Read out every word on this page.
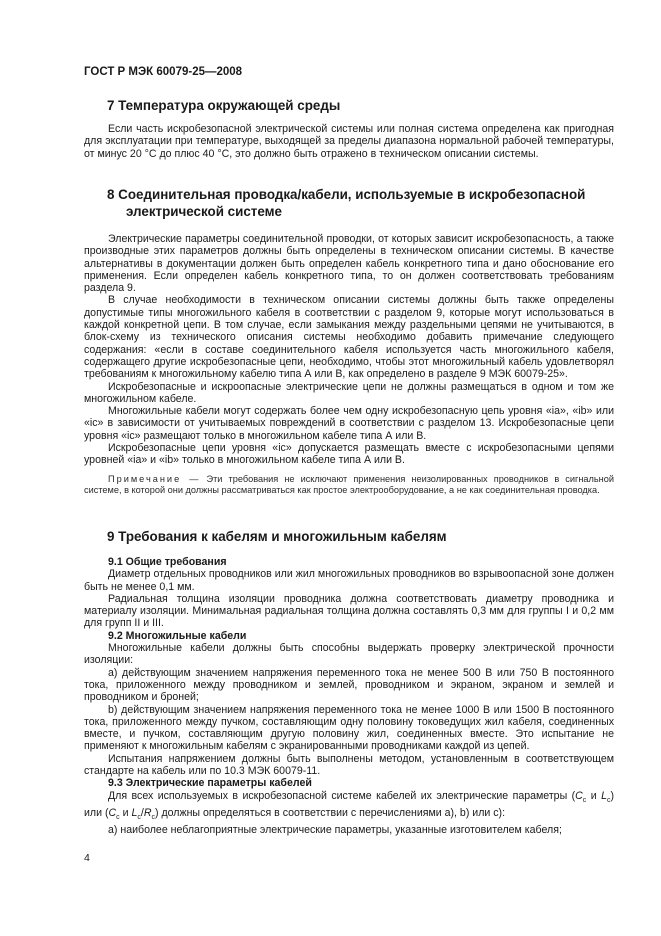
ГОСТ Р МЭК 60079-25—2008
7 Температура окружающей среды

Если часть искробезопасной электрической системы или полная система определена как пригодная для эксплуатации при температуре, выходящей за пределы диапазона нормальной рабочей температуры, от минус 20 °С до плюс 40 °С, это должно быть отражено в техническом описании системы.

8 Соединительная проводка/кабели, используемые в искробезопасной
электрической системе

Электрические параметры соединительной проводки, от которых зависит искробезопасность, а также производные этих параметров должны быть определены в техническом описании системы. В качестве альтернативы в документации должен быть определен кабель конкретного типа и дано обоснование его применения. Если определен кабель конкретного типа, то он должен соответствовать требованиям раздела 9.

В случае необходимости в техническом описании системы должны быть также определены допустимые типы многожильного кабеля в соответствии с разделом 9, которые могут использоваться в каждой конкретной цепи. В том случае, если замыкания между раздельными цепями не учитываются, в блок-схему из технического описания системы необходимо добавить примечание следующего содержания: «если в составе соединительного кабеля используется часть многожильного кабеля, содержащего другие искробезопасные цепи, необходимо, чтобы этот многожильный кабель удовлетворял требованиям к многожильному кабелю типа А или В, как определено в разделе 9 МЭК 60079-25».

Искробезопасные и искроопасные электрические цепи не должны размещаться в одном и том же многожильном кабеле.

Многожильные кабели могут содержать более чем одну искробезопасную цепь уровня «ia», «ib» или «ic» в зависимости от учитываемых повреждений в соответствии с разделом 13. Искробезопасные цепи уровня «ic» размещают только в многожильном кабеле типа А или В.

Искробезопасные цепи уровня «ic» допускается размещать вместе с искробезопасными цепями уровней «ia» и «ib» только в многожильном кабеле типа А или В.

Примечание — Эти требования не исключают применения неизолированных проводников в сигнальной системе, в которой они должны рассматриваться как простое электрооборудование, а не как соединительная проводка.
9 Требования к кабелям и многожильным кабелям

9.1 Общие требования

Диаметр отдельных проводников или жил многожильных проводников во взрывоопасной зоне должен быть не менее 0,1 мм.

Радиальная толщина изоляции проводника должна соответствовать диаметру проводника и материалу изоляции. Минимальная радиальная толщина должна составлять 0,3 мм для группы I и 0,2 мм для групп II и III.

9.2 Многожильные кабели

Многожильные кабели должны быть способны выдержать проверку электрической прочности изоляции:

a) действующим значением напряжения переменного тока не менее 500 В или 750 В постоянного тока, приложенного между проводником и землей, проводником и экраном, экраном и землей и проводником и броней;

b) действующим значением напряжения переменного тока не менее 1000 В или 1500 В постоянного тока, приложенного между пучком, составляющим одну половину токоведущих жил кабеля, соединенных вместе, и пучком, составляющим другую половину жил, соединенных вместе. Это испытание не применяют к многожильным кабелям с экранированными проводниками каждой из цепей.

Испытания напряжением должны быть выполнены методом, установленным в соответствующем стандарте на кабель или по 10.3 МЭК 60079-11.

9.3 Электрические параметры кабелей

Для всех используемых в искробезопасной системе кабелей их электрические параметры ($C_с$ и $L_с$) или ($C_с$ и $L_с/R_с$) должны определяться в соответствии с перечислениями a), b) или c):

a) наиболее неблагоприятные электрические параметры, указанные изготовителем кабеля;

4
